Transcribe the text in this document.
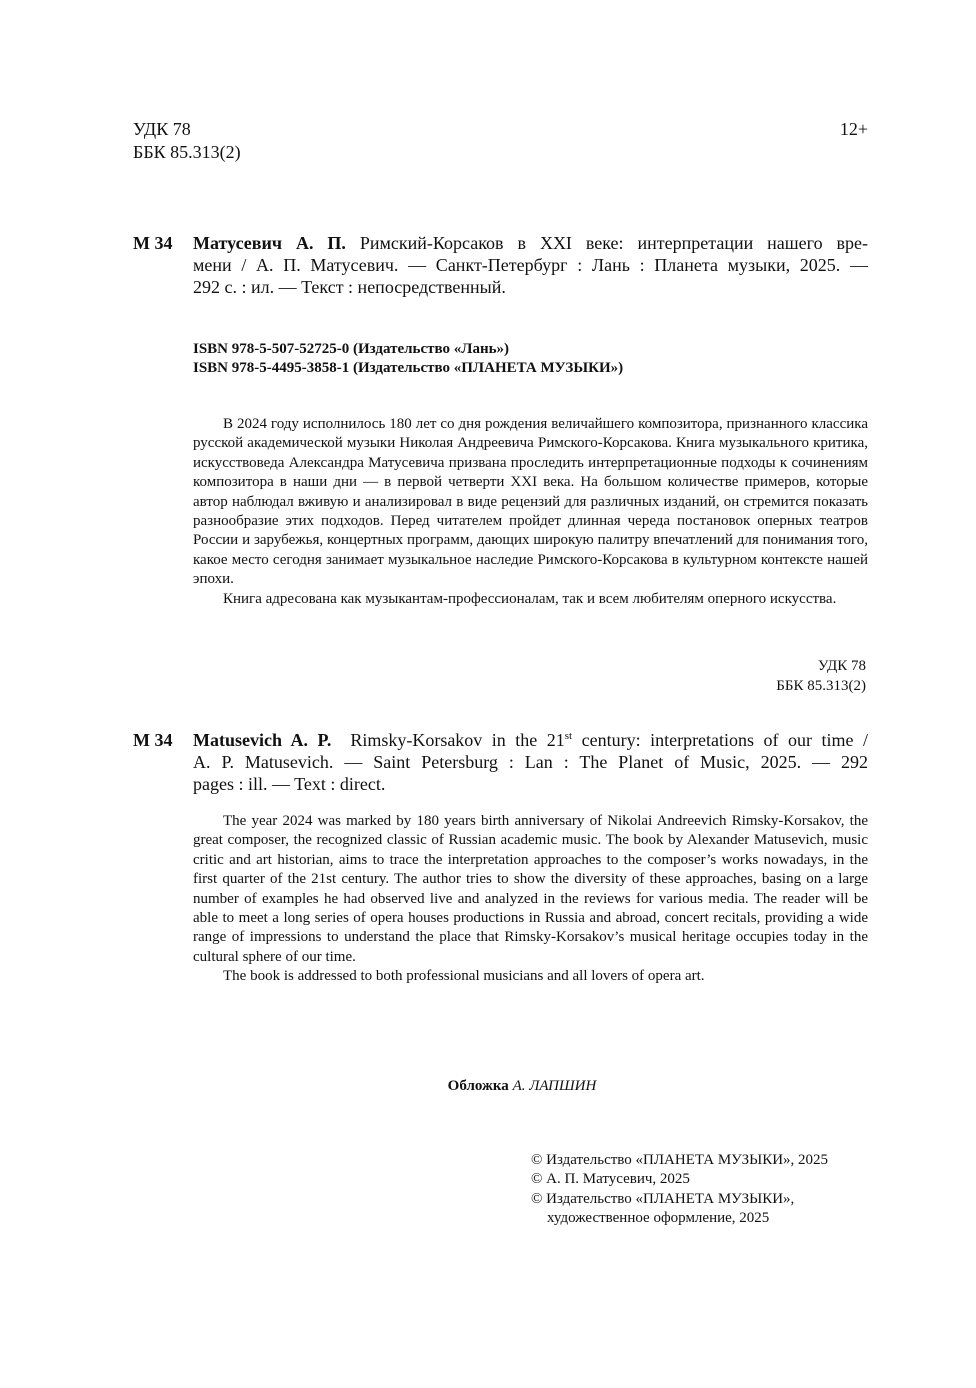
УДК 78
ББК 85.313(2)
12+
М 34 Матусевич А. П. Римский-Корсаков в XXI веке: интерпретации нашего вре-
мени / А. П. Матусевич. — Санкт-Петербург : Лань : Планета музыки, 2025. —
292 с. : ил. — Текст : непосредственный.
ISBN 978-5-507-52725-0 (Издательство «Лань»)
ISBN 978-5-4495-3858-1 (Издательство «ПЛАНЕТА МУЗЫКИ»)

В 2024 году исполнилось 180 лет со дня рождения величайшего композитора, признанного классика русской академической музыки Николая Андреевича Римского-Корсакова. Книга музыкального критика, искусствоведа Александра Матусевича призвана проследить интерпретационные подходы к сочинениям композитора в наши дни — в первой четверти XXI века. На большом количестве примеров, которые автор наблюдал вживую и анализировал в виде рецензий для различных изданий, он стремится показать разнообразие этих подходов. Перед читателем пройдет длинная череда постановок оперных театров России и зарубежья, концертных программ, дающих широкую палитру впечатлений для понимания того, какое место сегодня занимает музыкальное наследие Римского-Корсакова в культурном контексте нашей эпохи.

Книга адресована как музыкантам-профессионалам, так и всем любителям оперного искусства.

УДК 78
ББК 85.313(2)
М 34 Matusevich A. P. Rimsky-Korsakov in the 21st century: interpretations of our time /
A. P. Matusevich. — Saint Petersburg : Lan : The Planet of Music, 2025. — 292
pages : ill. — Text : direct.

The year 2024 was marked by 180 years birth anniversary of Nikolai Andreevich Rimsky-Korsakov, the great composer, the recognized classic of Russian academic music. The book by Alexander Matusevich, music critic and art historian, aims to trace the interpretation approaches to the composer’s works nowadays, in the first quarter of the 21st century. The author tries to show the diversity of these approaches, basing on a large number of examples he had observed live and analyzed in the reviews for various media. The reader will be able to meet a long series of opera houses productions in Russia and abroad, concert recitals, providing a wide range of impressions to understand the place that Rimsky-Korsakov’s musical heritage occupies today in the cultural sphere of our time.

The book is addressed to both professional musicians and all lovers of opera art.

Обложка А. ЛАПШИН
© Издательство «ПЛАНЕТА МУЗЫКИ», 2025
© А. П. Матусевич, 2025
© Издательство «ПЛАНЕТА МУЗЫКИ»,
художественное оформление, 2025
